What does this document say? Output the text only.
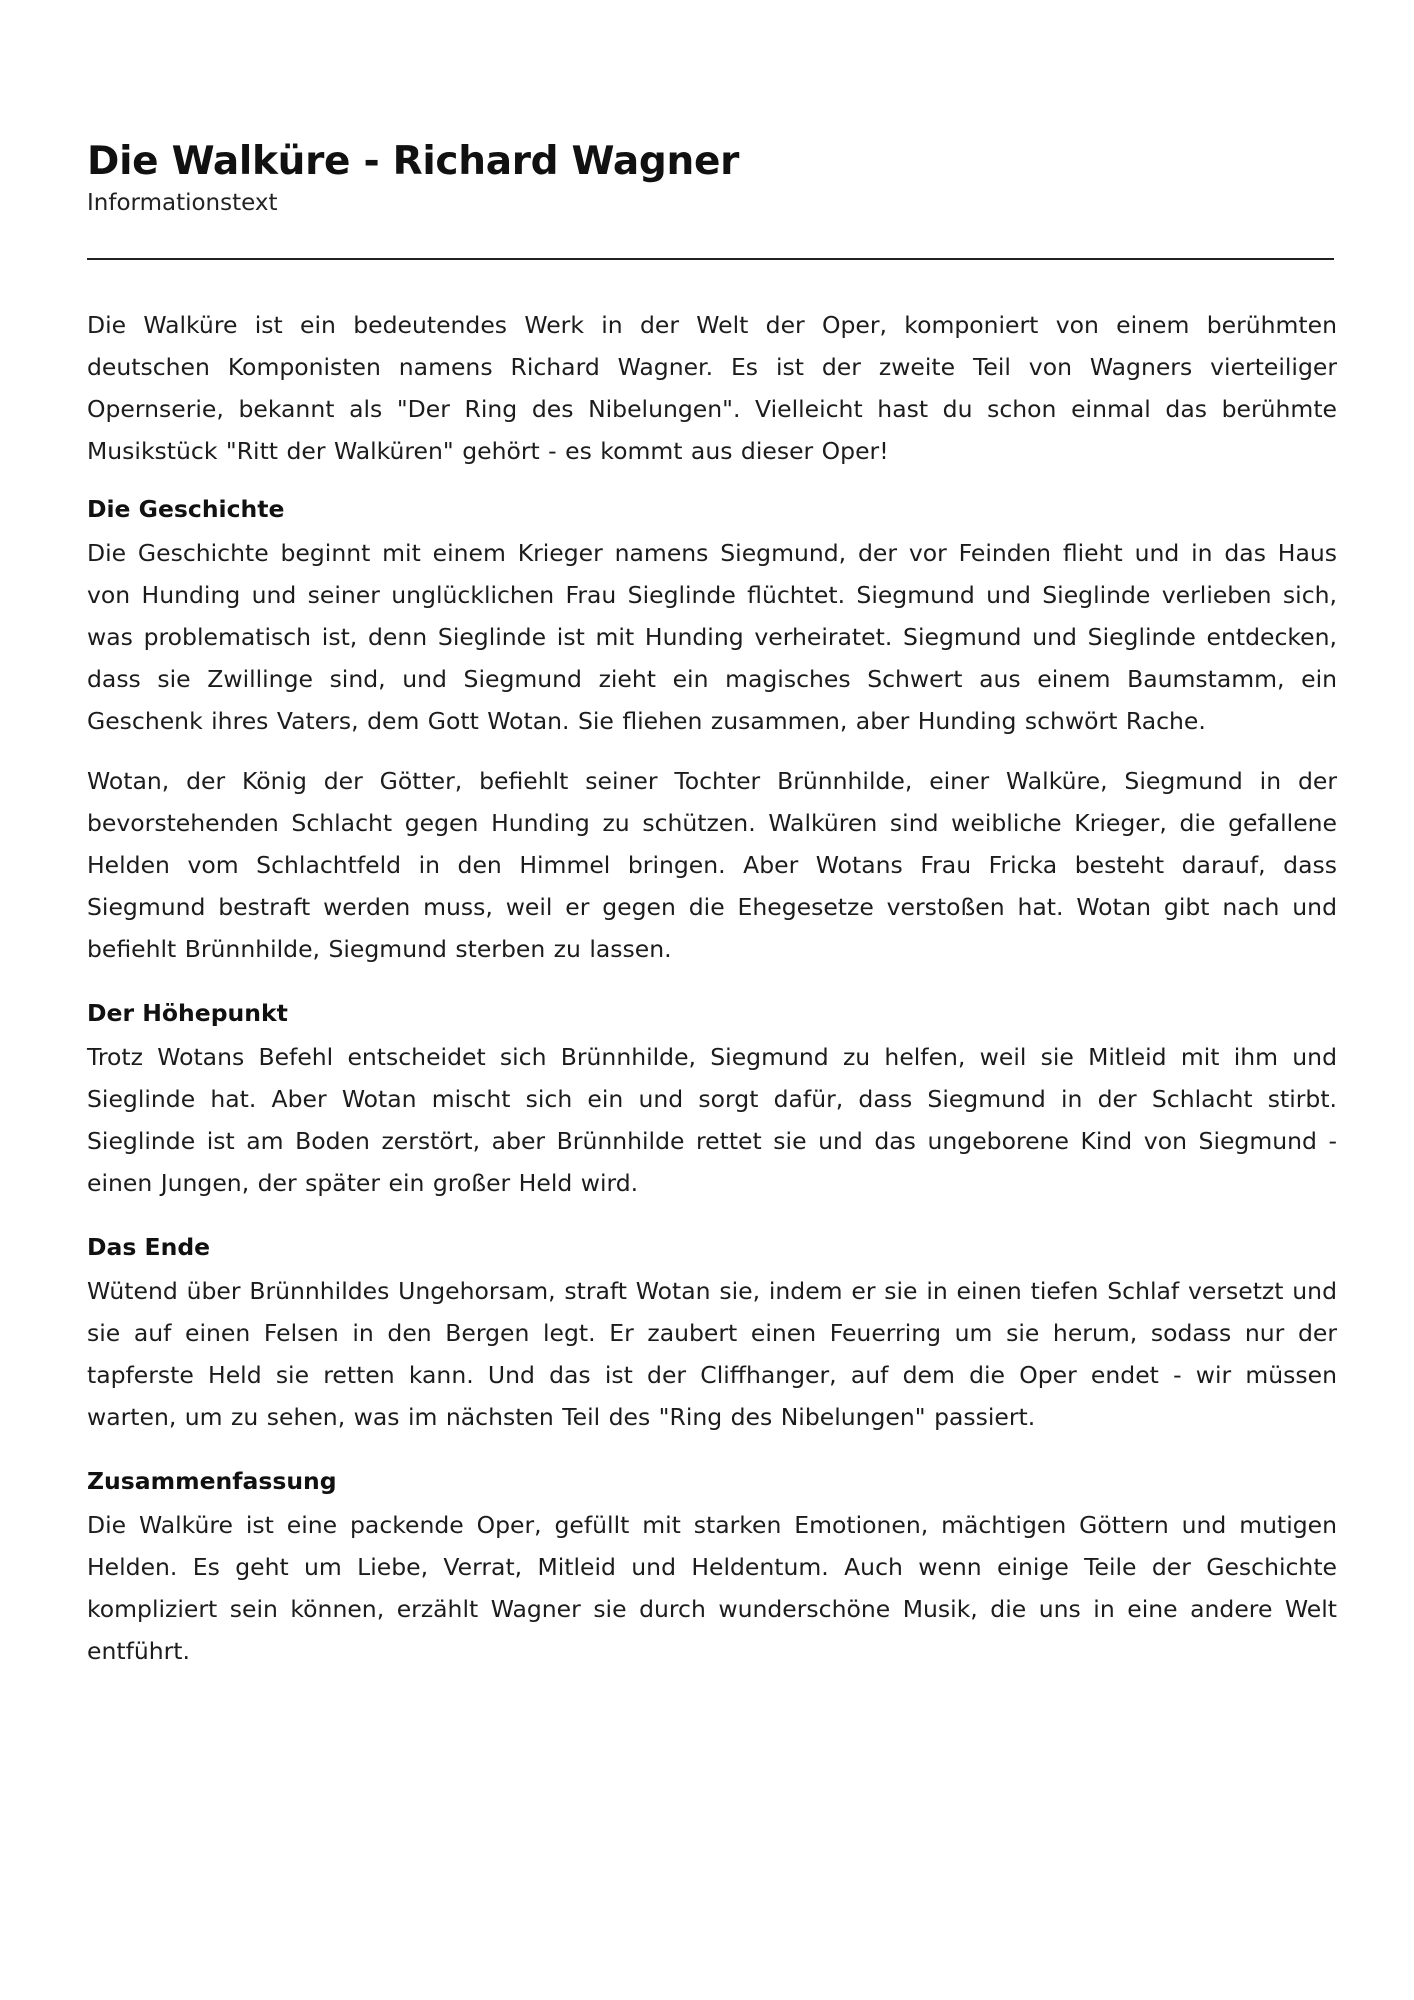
Die Walküre - Richard Wagner
Informationstext

Die Walküre ist ein bedeutendes Werk in der Welt der Oper, komponiert von einem berühmten deutschen Komponisten namens Richard Wagner. Es ist der zweite Teil von Wagners vierteiliger Opernserie, bekannt als "Der Ring des Nibelungen". Vielleicht hast du schon einmal das berühmte Musikstück "Ritt der Walküren" gehört - es kommt aus dieser Oper!

Die Geschichte

Die Geschichte beginnt mit einem Krieger namens Siegmund, der vor Feinden flieht und in das Haus von Hunding und seiner unglücklichen Frau Sieglinde flüchtet. Siegmund und Sieglinde verlieben sich, was problematisch ist, denn Sieglinde ist mit Hunding verheiratet. Siegmund und Sieglinde entdecken, dass sie Zwillinge sind, und Siegmund zieht ein magisches Schwert aus einem Baumstamm, ein Geschenk ihres Vaters, dem Gott Wotan. Sie fliehen zusammen, aber Hunding schwört Rache.

Wotan, der König der Götter, befiehlt seiner Tochter Brünnhilde, einer Walküre, Siegmund in der bevorstehenden Schlacht gegen Hunding zu schützen. Walküren sind weibliche Krieger, die gefallene Helden vom Schlachtfeld in den Himmel bringen. Aber Wotans Frau Fricka besteht darauf, dass Siegmund bestraft werden muss, weil er gegen die Ehegesetze verstoßen hat. Wotan gibt nach und befiehlt Brünnhilde, Siegmund sterben zu lassen.

Der Höhepunkt

Trotz Wotans Befehl entscheidet sich Brünnhilde, Siegmund zu helfen, weil sie Mitleid mit ihm und Sieglinde hat. Aber Wotan mischt sich ein und sorgt dafür, dass Siegmund in der Schlacht stirbt. Sieglinde ist am Boden zerstört, aber Brünnhilde rettet sie und das ungeborene Kind von Siegmund - einen Jungen, der später ein großer Held wird.

Das Ende

Wütend über Brünnhildes Ungehorsam, straft Wotan sie, indem er sie in einen tiefen Schlaf versetzt und sie auf einen Felsen in den Bergen legt. Er zaubert einen Feuerring um sie herum, sodass nur der tapferste Held sie retten kann. Und das ist der Cliffhanger, auf dem die Oper endet - wir müssen warten, um zu sehen, was im nächsten Teil des "Ring des Nibelungen" passiert.

Zusammenfassung

Die Walküre ist eine packende Oper, gefüllt mit starken Emotionen, mächtigen Göttern und mutigen Helden. Es geht um Liebe, Verrat, Mitleid und Heldentum. Auch wenn einige Teile der Geschichte kompliziert sein können, erzählt Wagner sie durch wunderschöne Musik, die uns in eine andere Welt entführt.
